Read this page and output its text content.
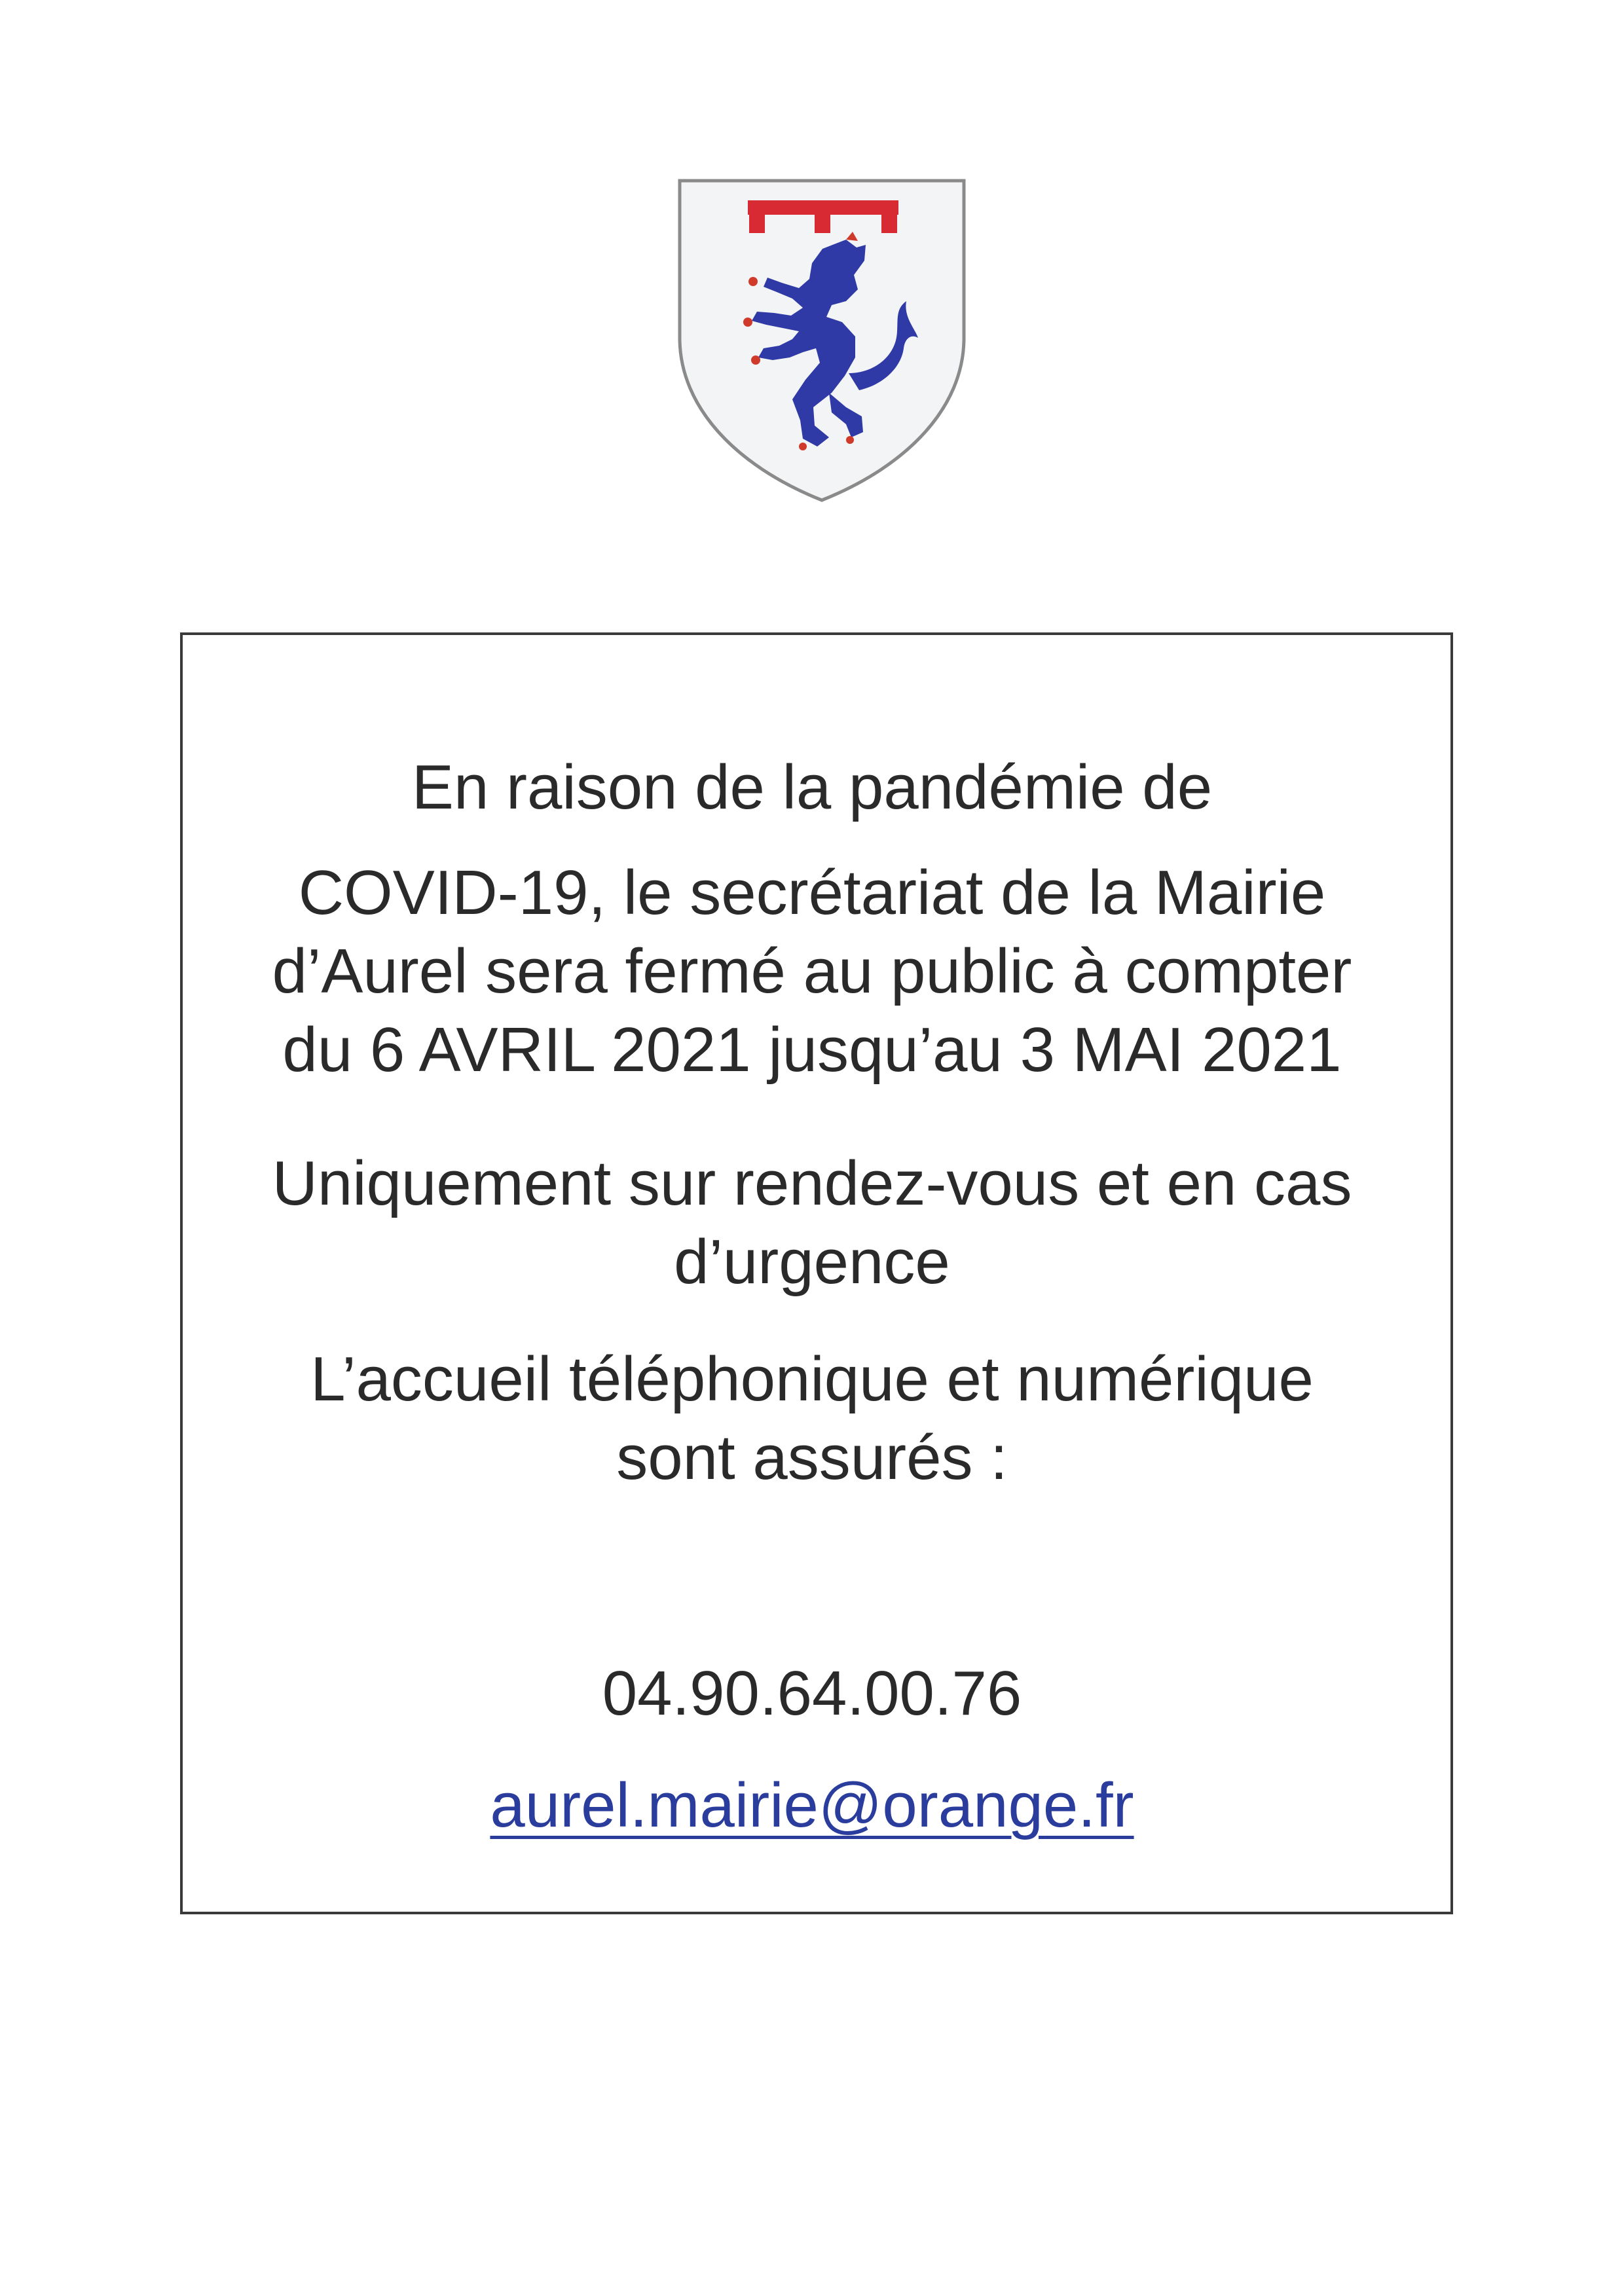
En raison de la pandémie de
COVID-19, le secrétariat de la Mairie
d’Aurel sera fermé au public à compter
du 6 AVRIL 2021 jusqu’au 3 MAI 2021
Uniquement sur rendez-vous et en cas
d’urgence
L’accueil téléphonique et numérique
sont assurés :
04.90.64.00.76
aurel.mairie@orange.fr
